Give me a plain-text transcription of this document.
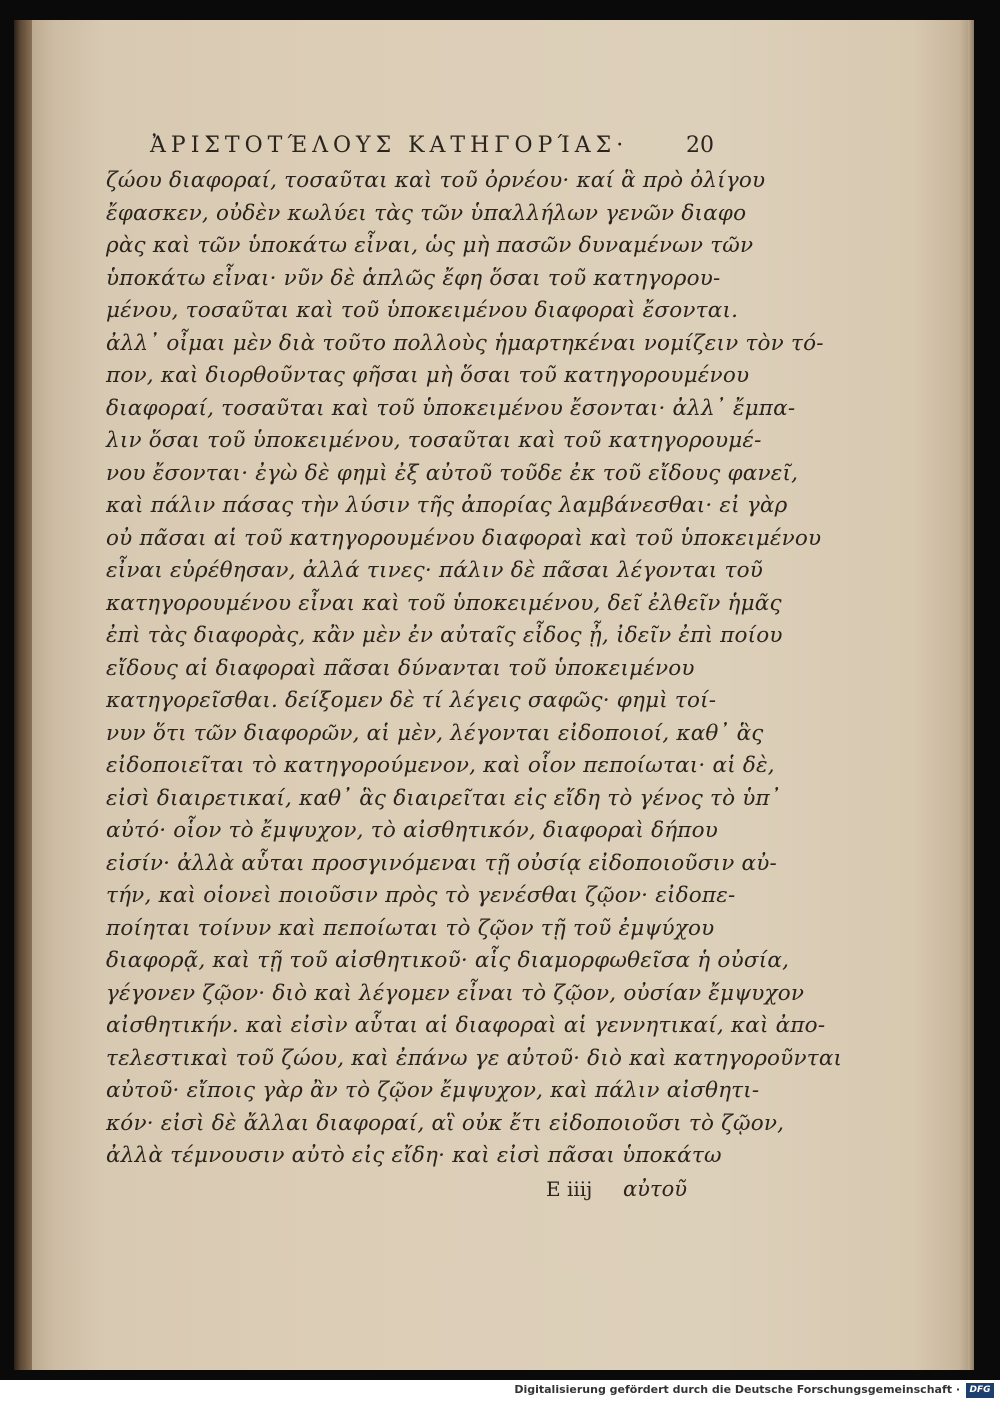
ἈΡΙΣΤΟΤΈΛΟΥΣ ΚΑΤΗΓΟΡΊΑΣ·	20
ζώου διαφοραί, τοσαῦται καὶ τοῦ ὀρνέου· καί ἃ πρὸ ὀλίγου
ἔφασκεν, οὐδὲν κωλύει τὰς τῶν ὑπαλλήλων γενῶν διαφο
ρὰς καὶ τῶν ὑποκάτω εἶναι, ὡς μὴ πασῶν δυναμένων τῶν
ὑποκάτω εἶναι· νῦν δὲ ἁπλῶς ἔφη ὅσαι τοῦ κατηγορου-
μένου, τοσαῦται καὶ τοῦ ὑποκειμένου διαφοραὶ ἔσονται.
ἀλλ᾽ οἶμαι μὲν διὰ τοῦτο πολλοὺς ἡμαρτηκέναι νομίζειν τὸν τό-
πον, καὶ διορθοῦντας φῆσαι μὴ ὅσαι τοῦ κατηγορουμένου
διαφοραί, τοσαῦται καὶ τοῦ ὑποκειμένου ἔσονται· ἀλλ᾽ ἔμπα-
λιν ὅσαι τοῦ ὑποκειμένου, τοσαῦται καὶ τοῦ κατηγορουμέ-
νου ἔσονται· ἐγὼ δὲ φημὶ ἐξ αὐτοῦ τοῦδε ἐκ τοῦ εἴδους φανεῖ,
καὶ πάλιν πάσας τὴν λύσιν τῆς ἀπορίας λαμβάνεσθαι· εἰ γὰρ
οὐ πᾶσαι αἱ τοῦ κατηγορουμένου διαφοραὶ καὶ τοῦ ὑποκειμένου
εἶναι εὑρέθησαν, ἀλλά τινες· πάλιν δὲ πᾶσαι λέγονται τοῦ
κατηγορουμένου εἶναι καὶ τοῦ ὑποκειμένου, δεῖ ἐλθεῖν ἡμᾶς
ἐπὶ τὰς διαφορὰς, κἂν μὲν ἐν αὐταῖς εἶδος ᾖ, ἰδεῖν ἐπὶ ποίου
εἴδους αἱ διαφοραὶ πᾶσαι δύνανται τοῦ ὑποκειμένου
κατηγορεῖσθαι. δείξομεν δὲ τί λέγεις σαφῶς· φημὶ τοί-
νυν ὅτι τῶν διαφορῶν, αἱ μὲν, λέγονται εἰδοποιοί, καθ᾽ ἃς
εἰδοποιεῖται τὸ κατηγορούμενον, καὶ οἷον πεποίωται· αἱ δὲ,
εἰσὶ διαιρετικαί, καθ᾽ ἃς διαιρεῖται εἰς εἴδη τὸ γένος τὸ ὑπ᾽
αὐτό· οἷον τὸ ἔμψυχον, τὸ αἰσθητικόν, διαφοραὶ δήπου
εἰσίν· ἀλλὰ αὗται προσγινόμεναι τῇ οὐσίᾳ εἰδοποιοῦσιν αὐ-
τήν, καὶ οἱονεὶ ποιοῦσιν πρὸς τὸ γενέσθαι ζῷον· εἰδοπε-
ποίηται τοίνυν καὶ πεποίωται τὸ ζῷον τῇ τοῦ ἐμψύχου
διαφορᾷ, καὶ τῇ τοῦ αἰσθητικοῦ· αἷς διαμορφωθεῖσα ἡ οὐσία,
γέγονεν ζῷον· διὸ καὶ λέγομεν εἶναι τὸ ζῷον, οὐσίαν ἔμψυχον
αἰσθητικήν. καὶ εἰσὶν αὗται αἱ διαφοραὶ αἱ γεννητικαί, καὶ ἀπο-
τελεστικαὶ τοῦ ζώου, καὶ ἐπάνω γε αὐτοῦ· διὸ καὶ κατηγοροῦνται
αὐτοῦ· εἴποις γὰρ ἂν τὸ ζῷον ἔμψυχον, καὶ πάλιν αἰσθητι-
κόν· εἰσὶ δὲ ἄλλαι διαφοραί, αἳ οὐκ ἔτι εἰδοποιοῦσι τὸ ζῷον,
ἀλλὰ τέμνουσιν αὐτὸ εἰς εἴδη· καὶ εἰσὶ πᾶσαι ὑποκάτω
E iiij αὐτοῦ
Digitalisierung gefördert durch die Deutsche Forschungsgemeinschaft ·	DFG
